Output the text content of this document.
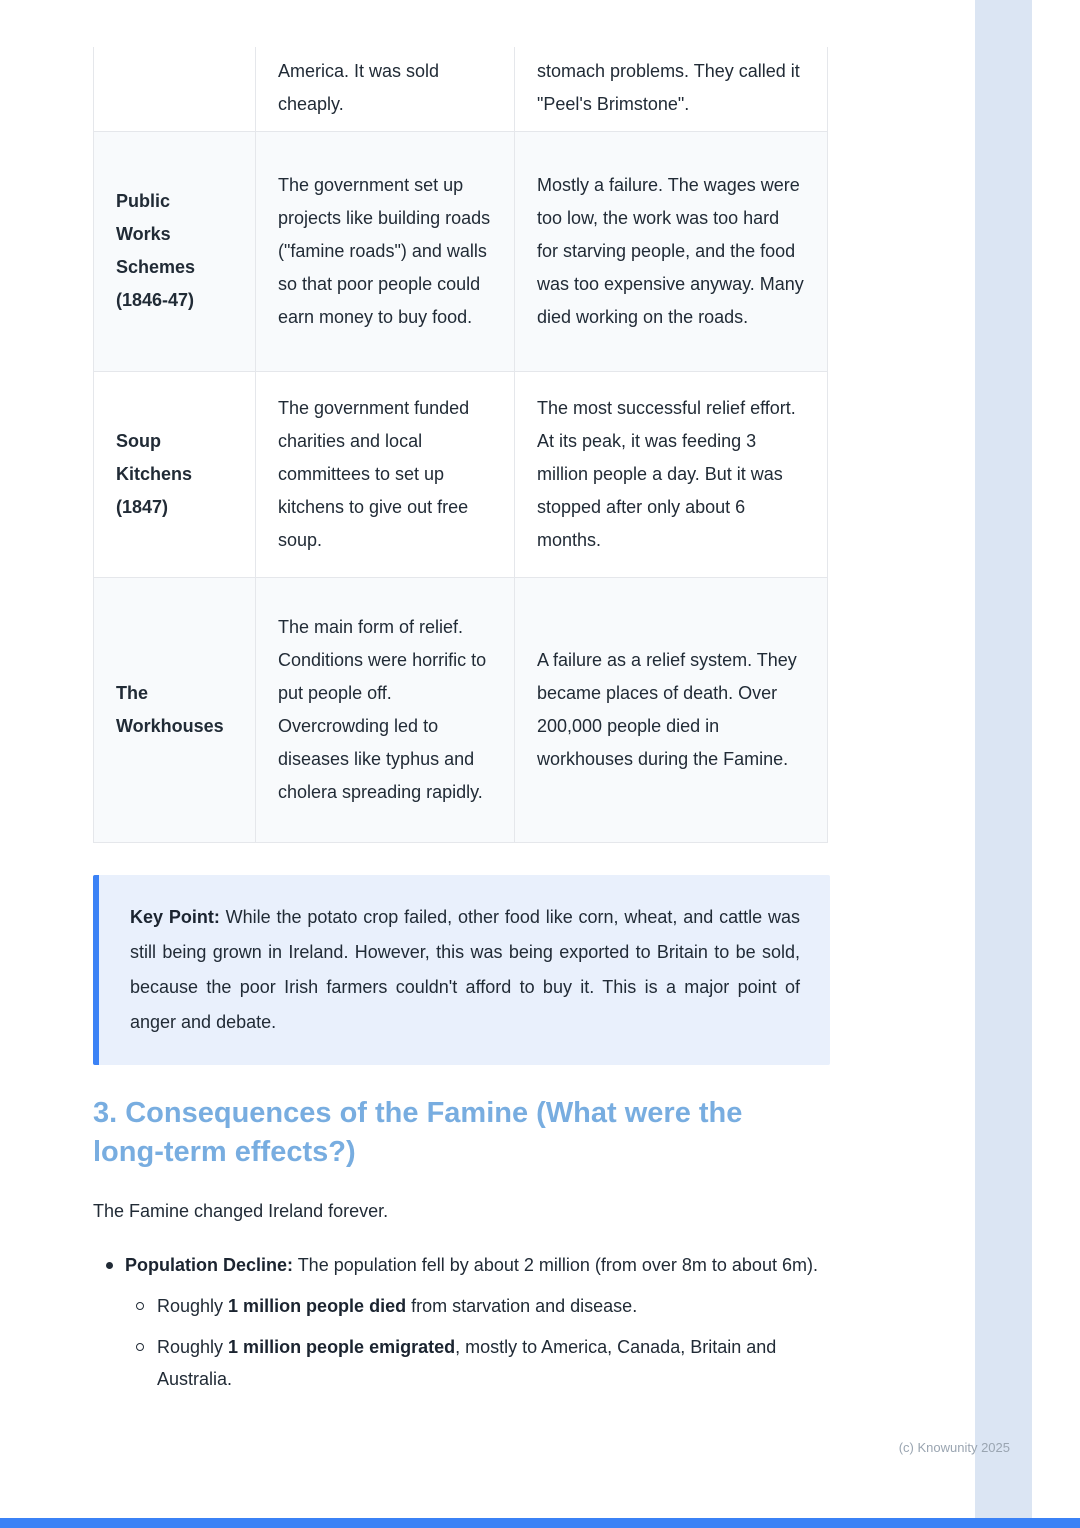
	America. It was sold cheaply.	stomach problems. They called it "Peel's Brimstone".
Public Works Schemes (1846-47)	The government set up projects like building roads ("famine roads") and walls so that poor people could earn money to buy food.	Mostly a failure. The wages were too low, the work was too hard for starving people, and the food was too expensive anyway. Many died working on the roads.
Soup Kitchens (1847)	The government funded charities and local committees to set up kitchens to give out free soup.	The most successful relief effort. At its peak, it was feeding 3 million people a day. But it was stopped after only about 6 months.
The Workhouses	The main form of relief. Conditions were horrific to put people off. Overcrowding led to diseases like typhus and cholera spreading rapidly.	A failure as a relief system. They became places of death. Over 200,000 people died in workhouses during the Famine.

Key Point: While the potato crop failed, other food like corn, wheat, and cattle was still being grown in Ireland. However, this was being exported to Britain to be sold, because the poor Irish farmers couldn't afford to buy it. This is a major point of anger and debate.

3. Consequences of the Famine (What were the long-term effects?)

The Famine changed Ireland forever.

Population Decline: The population fell by about 2 million (from over 8m to about 6m).

Roughly 1 million people died from starvation and disease.

Roughly 1 million people emigrated, mostly to America, Canada, Britain and Australia.

(c) Knowunity 2025
